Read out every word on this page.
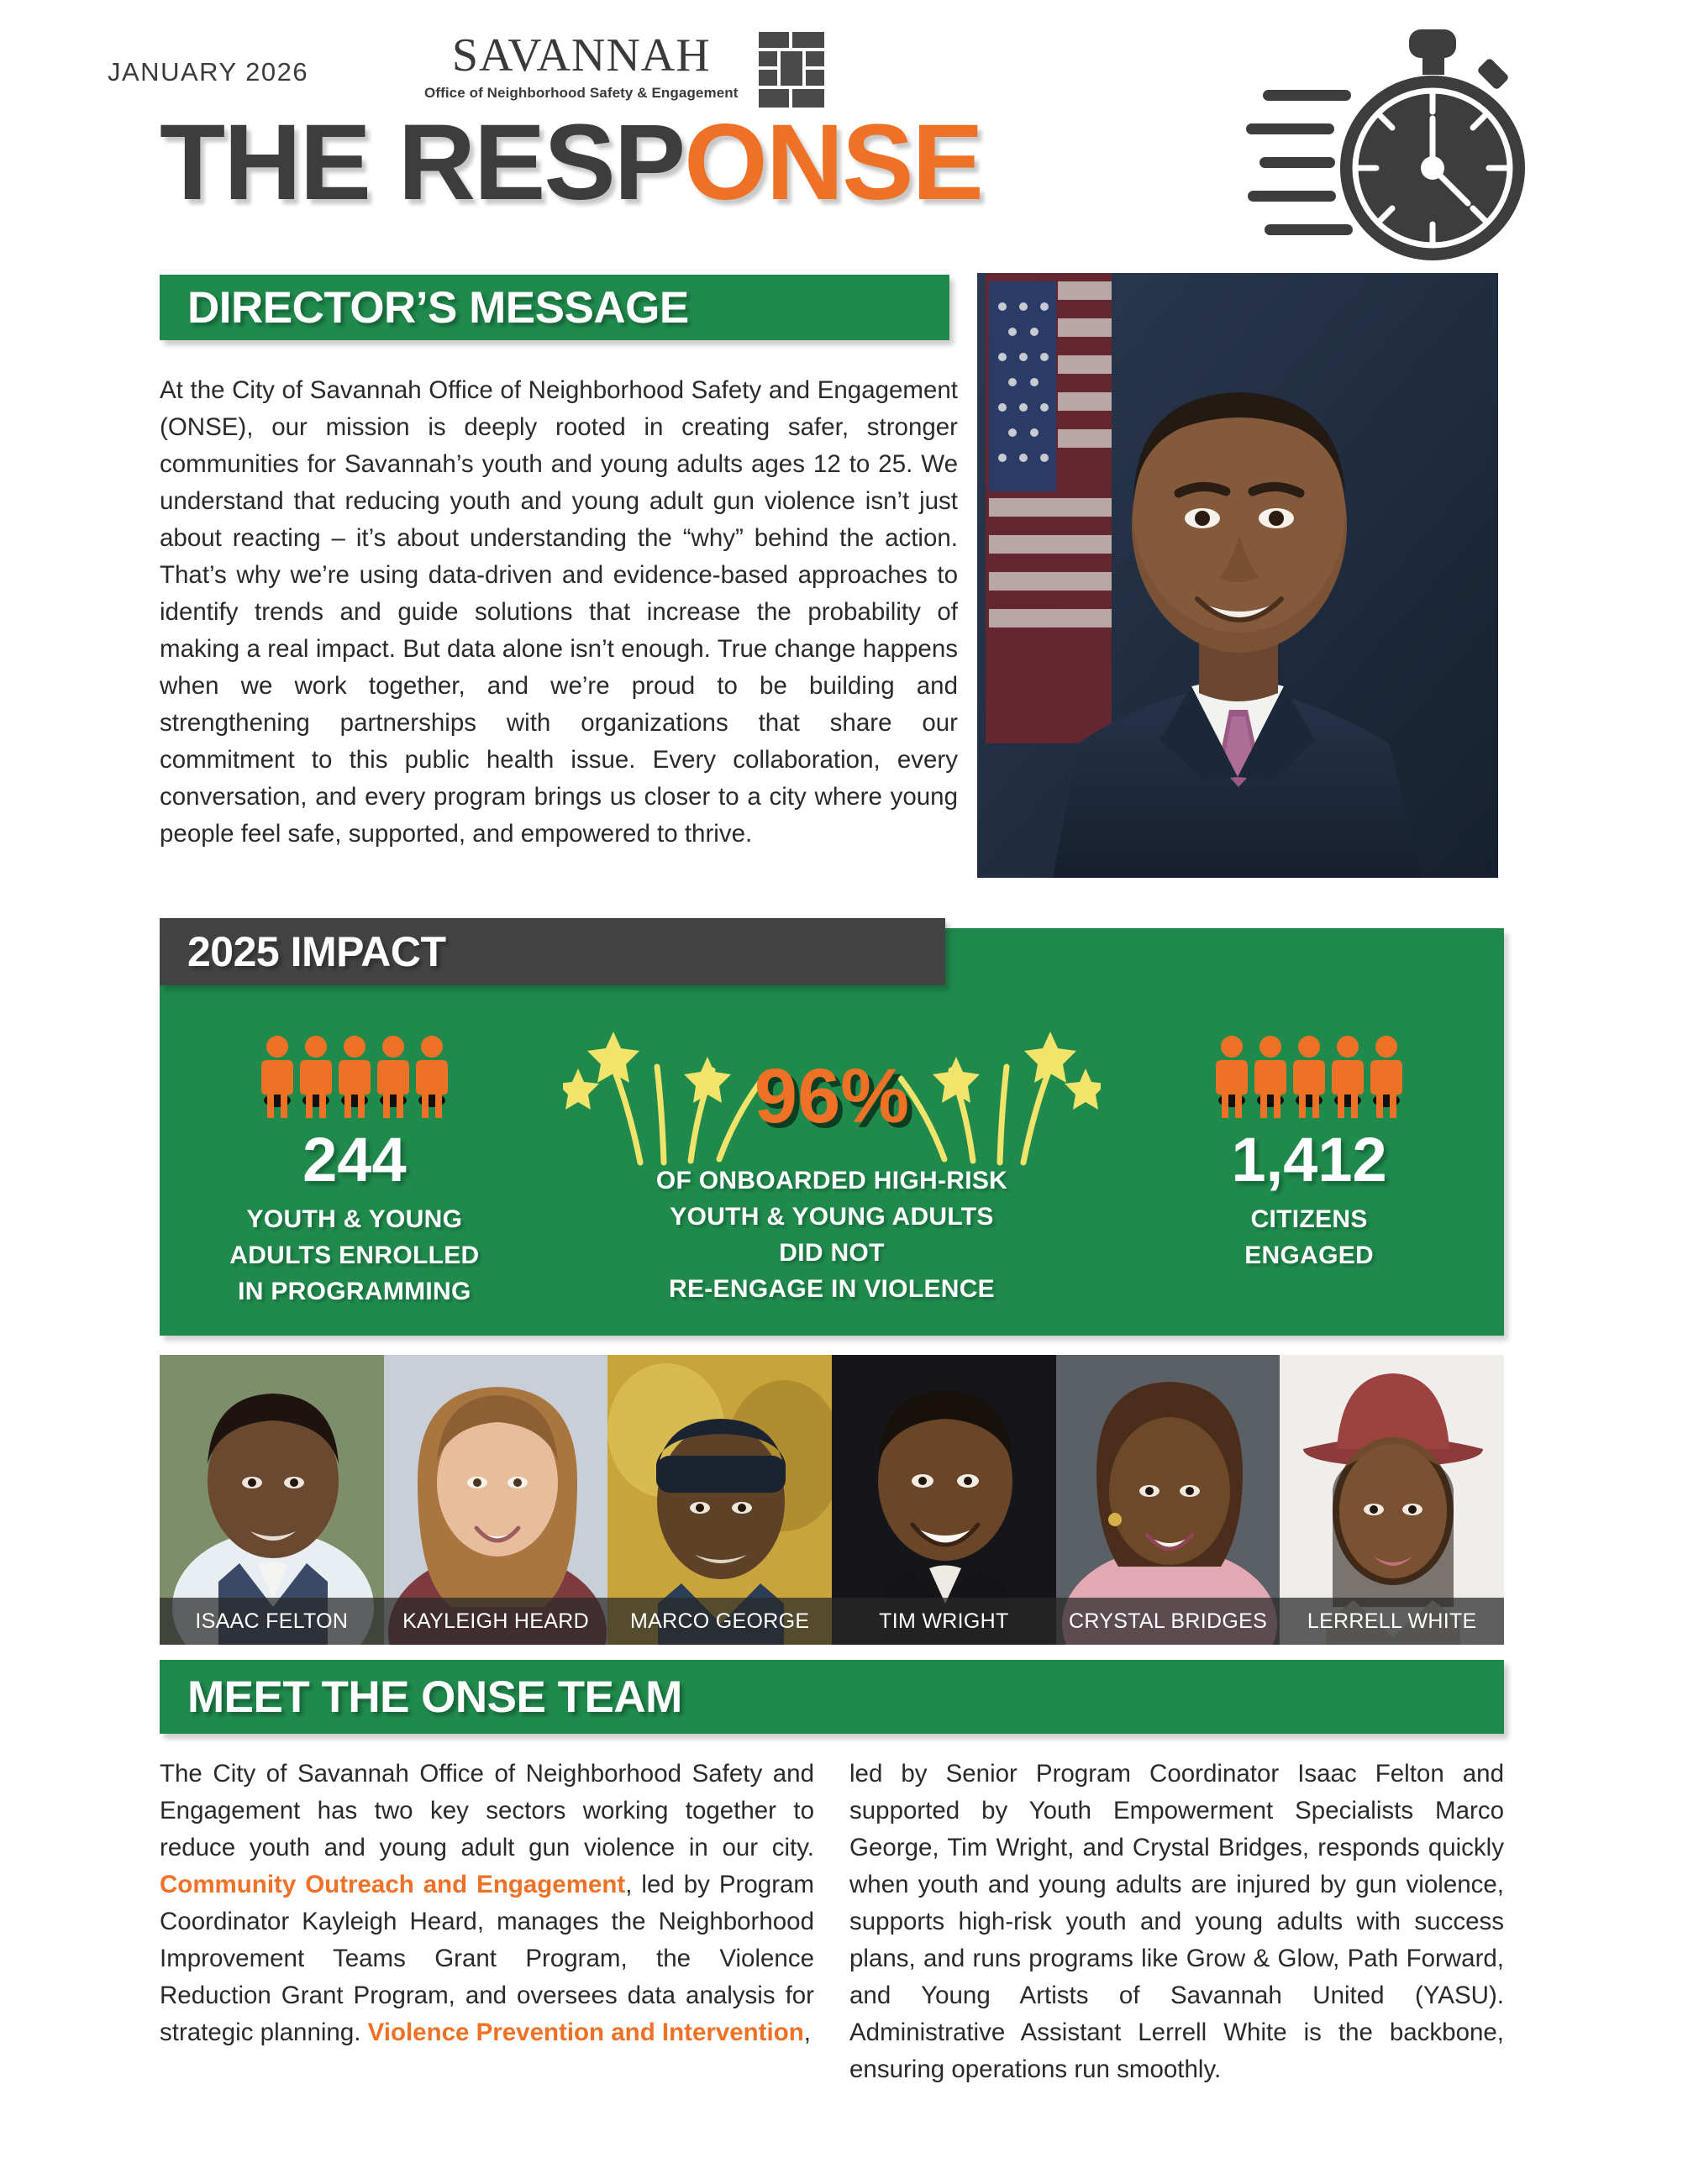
JANUARY 2026	SAVANNAH
Office of Neighborhood Safety & Engagement
THE RESPONSE
DIRECTOR’S MESSAGE
At the City of Savannah Office of Neighborhood Safety and Engagement (ONSE), our mission is deeply rooted in creating safer, stronger communities for Savannah’s youth and young adults ages 12 to 25. We understand that reducing youth and young adult gun violence isn’t just about reacting – it’s about understanding the “why” behind the action. That’s why we’re using data-driven and evidence-based approaches to identify trends and guide solutions that increase the probability of making a real impact. But data alone isn’t enough. True change happens when we work together, and we’re proud to be building and strengthening partnerships with organizations that share our commitment to this public health issue. Every collaboration, every conversation, and every program brings us closer to a city where young people feel safe, supported, and empowered to thrive.
2025 IMPACT
244
YOUTH & YOUNG
ADULTS ENROLLED
IN PROGRAMMING
96%
OF ONBOARDED HIGH-RISK
YOUTH & YOUNG ADULTS
DID NOT
RE-ENGAGE IN VIOLENCE
1,412
CITIZENS
ENGAGED
ISAAC FELTON	KAYLEIGH HEARD MARCO GEORGE	TIM WRIGHT	CRYSTAL BRIDGES LERRELL WHITE
MEET THE ONSE TEAM
The City of Savannah Office of Neighborhood Safety and Engagement has two key sectors working together to reduce youth and young adult gun violence in our city. Community Outreach and Engagement, led by Program Coordinator Kayleigh Heard, manages the Neighborhood Improvement Teams Grant Program, the Violence Reduction Grant Program, and oversees data analysis for strategic planning. Violence Prevention and Intervention,
led by Senior Program Coordinator Isaac Felton and supported by Youth Empowerment Specialists Marco George, Tim Wright, and Crystal Bridges, responds quickly when youth and young adults are injured by gun violence, supports high-risk youth and young adults with success plans, and runs programs like Grow & Glow, Path Forward, and Young Artists of Savannah United (YASU). Administrative Assistant Lerrell White is the backbone, ensuring operations run smoothly.
